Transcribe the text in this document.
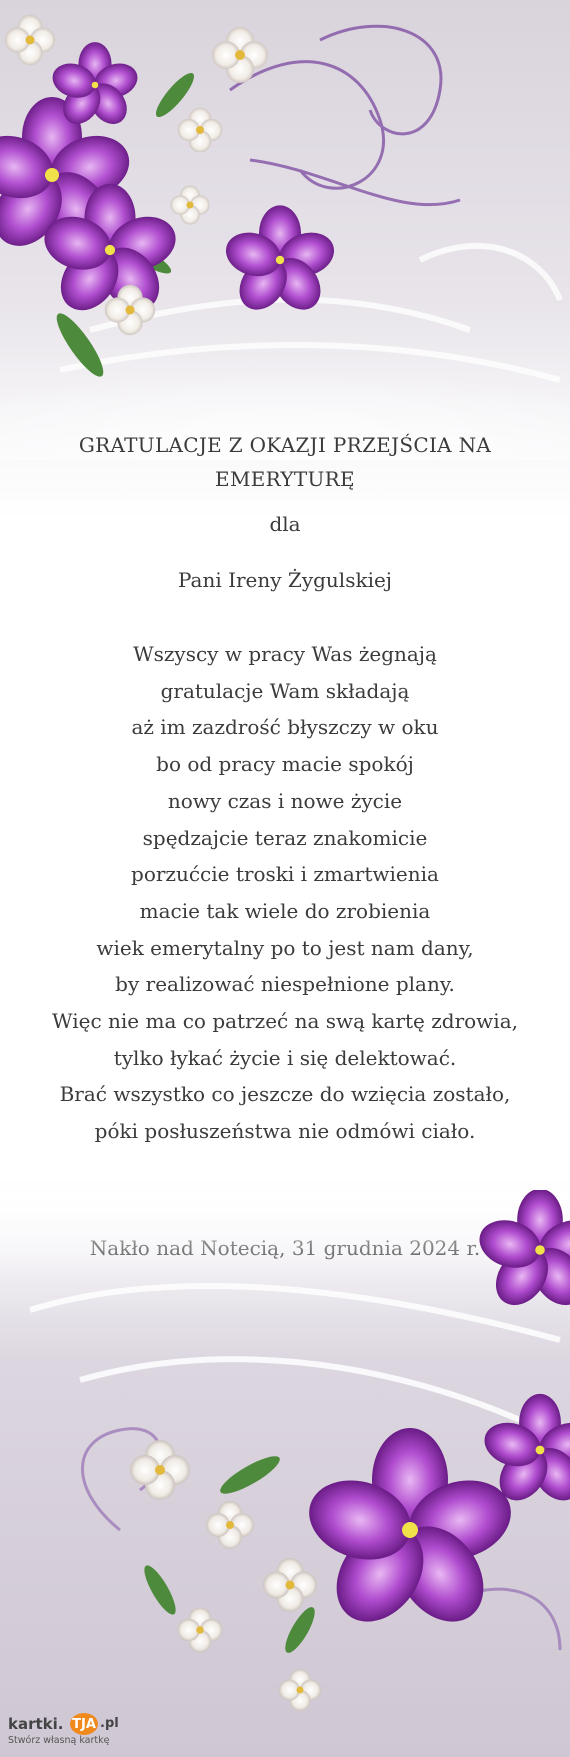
GRATULACJE Z OKAZJI PRZEJŚCIA NA
EMERYTURĘ

dla

Pani Ireny Żygulskiej

Wszyscy w pracy Was żegnają
gratulacje Wam składają
aż im zazdrość błyszczy w oku
bo od pracy macie spokój
nowy czas i nowe życie
spędzajcie teraz znakomicie
porzućcie troski i zmartwienia
macie tak wiele do zrobienia
wiek emerytalny po to jest nam dany,
by realizować niespełnione plany.
Więc nie ma co patrzeć na swą kartę zdrowia,
tylko łykać życie i się delektować.
Brać wszystko co jeszcze do wzięcia zostało,
póki posłuszeństwa nie odmówi ciało.

kartki. TJA .pl
Stwórz własną kartkę
